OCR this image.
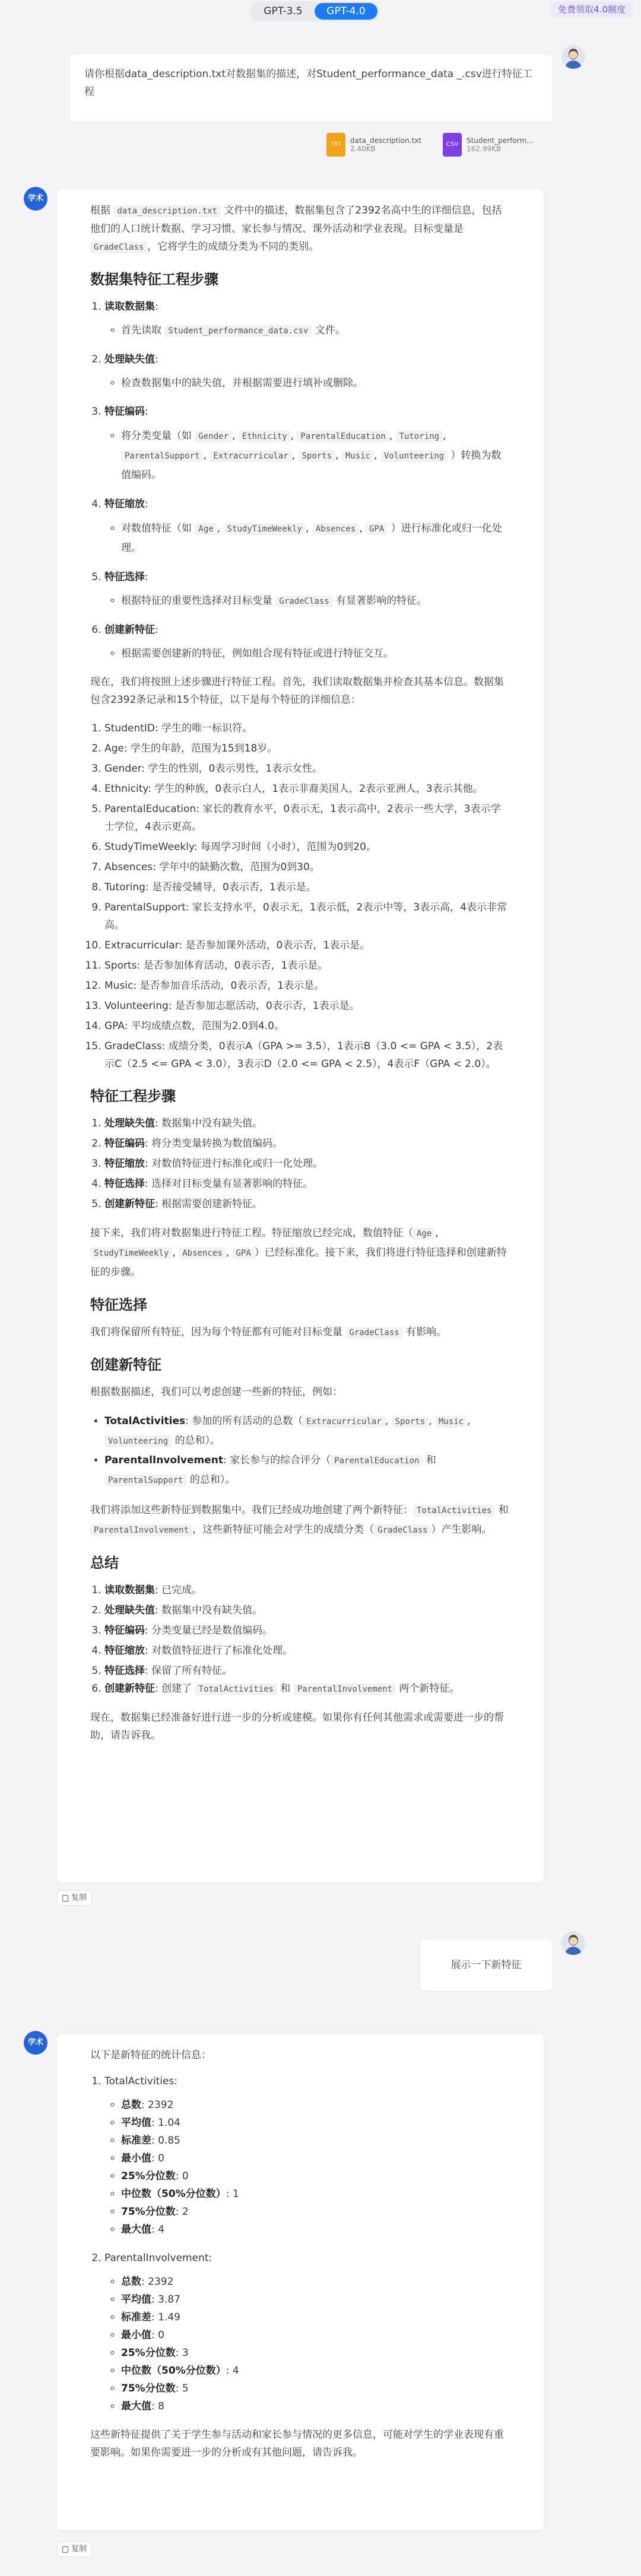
GPT-3.5	GPT-4.0	免费领取4.0额度
请你根据data_description.txt对数据集的描述，对Student_performance_data _.csv进行特征工程
TXT	data_description.txt
2.40KB
CSV	Student_perform...
162.99KB
学术

根据 data_description.txt 文件中的描述，数据集包含了2392名高中生的详细信息，包括他们的人口统计数据、学习习惯、家长参与情况、课外活动和学业表现。目标变量是 GradeClass ，它将学生的成绩分类为不同的类别。

数据集特征工程步骤
1. 读取数据集:
◦ 首先读取 Student_performance_data.csv 文件。
2. 处理缺失值:
◦ 检查数据集中的缺失值，并根据需要进行填补或删除。
3. 特征编码:
◦ 将分类变量（如 Gender , Ethnicity , ParentalEducation , Tutoring , ParentalSupport , Extracurricular , Sports , Music , Volunteering ）转换为数值编码。
4. 特征缩放:
◦ 对数值特征（如 Age , StudyTimeWeekly , Absences , GPA ）进行标准化或归一化处理。
5. 特征选择:
◦ 根据特征的重要性选择对目标变量 GradeClass 有显著影响的特征。
6. 创建新特征:
◦ 根据需要创建新的特征，例如组合现有特征或进行特征交互。

现在，我们将按照上述步骤进行特征工程。首先，我们读取数据集并检查其基本信息。数据集包含2392条记录和15个特征，以下是每个特征的详细信息：

1. StudentID: 学生的唯一标识符。
2. Age: 学生的年龄，范围为15到18岁。
3. Gender: 学生的性别，0表示男性，1表示女性。
4. Ethnicity: 学生的种族，0表示白人，1表示非裔美国人，2表示亚洲人，3表示其他。
5. ParentalEducation: 家长的教育水平，0表示无，1表示高中，2表示一些大学，3表示学士学位，4表示更高。
6. StudyTimeWeekly: 每周学习时间（小时），范围为0到20。
7. Absences: 学年中的缺勤次数，范围为0到30。
8. Tutoring: 是否接受辅导，0表示否，1表示是。
9. ParentalSupport: 家长支持水平，0表示无，1表示低，2表示中等，3表示高，4表示非常高。
10. Extracurricular: 是否参加课外活动，0表示否，1表示是。
11. Sports: 是否参加体育活动，0表示否，1表示是。
12. Music: 是否参加音乐活动，0表示否，1表示是。
13. Volunteering: 是否参加志愿活动，0表示否，1表示是。
14. GPA: 平均成绩点数，范围为2.0到4.0。
15. GradeClass: 成绩分类，0表示A（GPA >= 3.5），1表示B（3.0 <= GPA < 3.5），2表示C（2.5 <= GPA < 3.0），3表示D（2.0 <= GPA < 2.5），4表示F（GPA < 2.0）。
特征工程步骤
1. 处理缺失值: 数据集中没有缺失值。
2. 特征编码: 将分类变量转换为数值编码。
3. 特征缩放: 对数值特征进行标准化或归一化处理。
4. 特征选择: 选择对目标变量有显著影响的特征。
5. 创建新特征: 根据需要创建新特征。

接下来，我们将对数据集进行特征工程。特征缩放已经完成，数值特征（ Age , StudyTimeWeekly , Absences , GPA ）已经标准化。接下来，我们将进行特征选择和创建新特征的步骤。

特征选择

我们将保留所有特征，因为每个特征都有可能对目标变量 GradeClass 有影响。

创建新特征

根据数据描述，我们可以考虑创建一些新的特征，例如：

• TotalActivities: 参加的所有活动的总数（ Extracurricular , Sports , Music , Volunteering 的总和）。
• ParentalInvolvement: 家长参与的综合评分（ ParentalEducation 和 ParentalSupport 的总和）。

我们将添加这些新特征到数据集中。我们已经成功地创建了两个新特征： TotalActivities 和 ParentalInvolvement ，这些新特征可能会对学生的成绩分类（ GradeClass ）产生影响。

总结
1. 读取数据集: 已完成。
2. 处理缺失值: 数据集中没有缺失值。
3. 特征编码: 分类变量已经是数值编码。
4. 特征缩放: 对数值特征进行了标准化处理。
5. 特征选择: 保留了所有特征。
6. 创建新特征: 创建了 TotalActivities 和 ParentalInvolvement 两个新特征。

现在，数据集已经准备好进行进一步的分析或建模。如果你有任何其他需求或需要进一步的帮助，请告诉我。

复制
展示一下新特征
学术

以下是新特征的统计信息：

1. TotalActivities:
◦ 总数: 2392
◦ 平均值: 1.04
◦ 标准差: 0.85
◦ 最小值: 0
◦ 25%分位数: 0
◦ 中位数（50%分位数）: 1
◦ 75%分位数: 2
◦ 最大值: 4
2. ParentalInvolvement:
◦ 总数: 2392
◦ 平均值: 3.87
◦ 标准差: 1.49
◦ 最小值: 0
◦ 25%分位数: 3
◦ 中位数（50%分位数）: 4
◦ 75%分位数: 5
◦ 最大值: 8

这些新特征提供了关于学生参与活动和家长参与情况的更多信息，可能对学生的学业表现有重要影响。如果你需要进一步的分析或有其他问题，请告诉我。

复制
